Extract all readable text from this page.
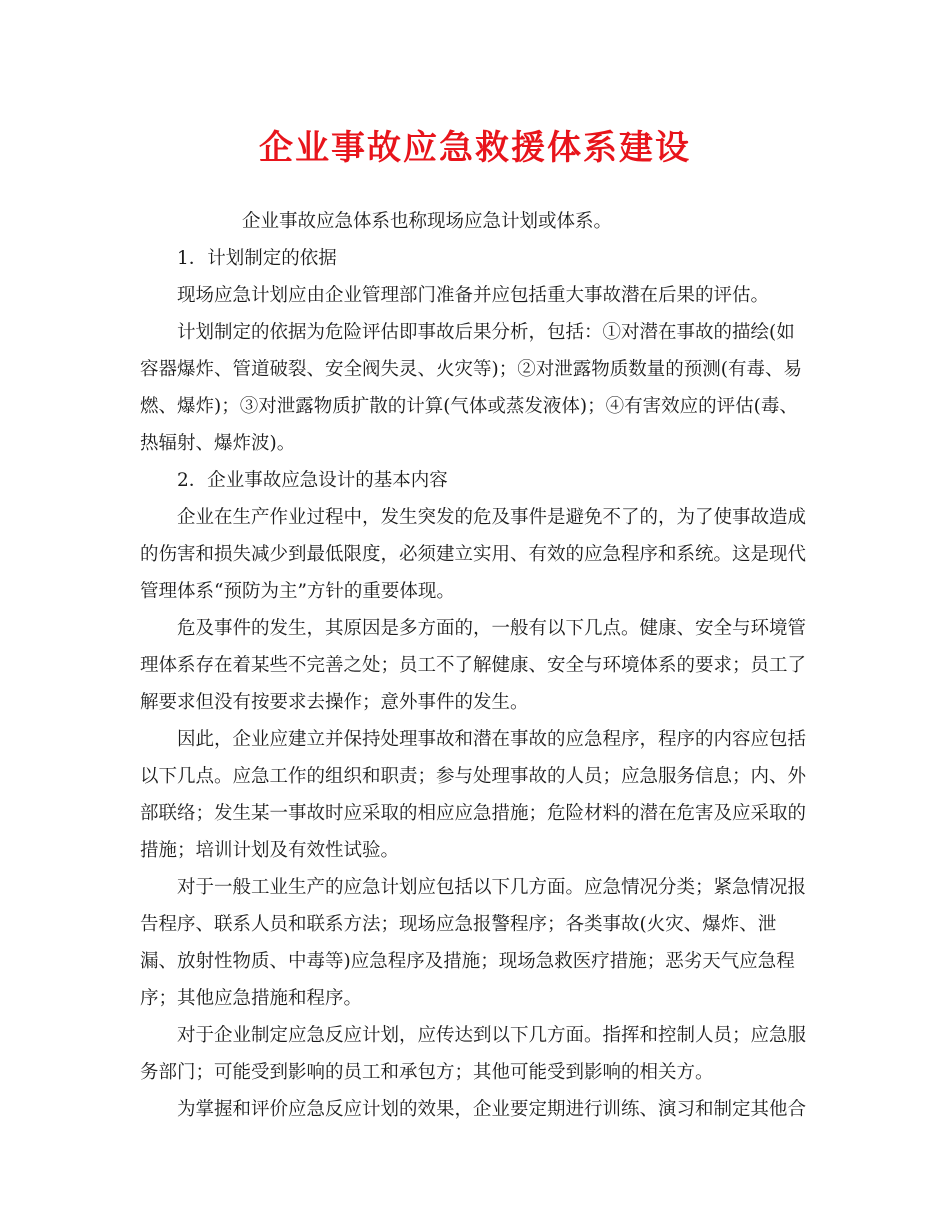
企业事故应急救援体系建设

企业事故应急体系也称现场应急计划或体系。

1．计划制定的依据

现场应急计划应由企业管理部门准备并应包括重大事故潜在后果的评估。

计划制定的依据为危险评估即事故后果分析，包括：①对潜在事故的描绘(如容器爆炸、管道破裂、安全阀失灵、火灾等)；②对泄露物质数量的预测(有毒、易燃、爆炸)；③对泄露物质扩散的计算(气体或蒸发液体)；④有害效应的评估(毒、热辐射、爆炸波)。

2．企业事故应急设计的基本内容

企业在生产作业过程中，发生突发的危及事件是避免不了的，为了使事故造成的伤害和损失减少到最低限度，必须建立实用、有效的应急程序和系统。这是现代管理体系“预防为主”方针的重要体现。

危及事件的发生，其原因是多方面的，一般有以下几点。健康、安全与环境管理体系存在着某些不完善之处；员工不了解健康、安全与环境体系的要求；员工了解要求但没有按要求去操作；意外事件的发生。

因此，企业应建立并保持处理事故和潜在事故的应急程序，程序的内容应包括以下几点。应急工作的组织和职责；参与处理事故的人员；应急服务信息；内、外部联络；发生某一事故时应采取的相应应急措施；危险材料的潜在危害及应采取的措施；培训计划及有效性试验。

对于一般工业生产的应急计划应包括以下几方面。应急情况分类；紧急情况报告程序、联系人员和联系方法；现场应急报警程序；各类事故(火灾、爆炸、泄漏、放射性物质、中毒等)应急程序及措施；现场急救医疗措施；恶劣天气应急程序；其他应急措施和程序。

对于企业制定应急反应计划，应传达到以下几方面。指挥和控制人员；应急服务部门；可能受到影响的员工和承包方；其他可能受到影响的相关方。

为掌握和评价应急反应计划的效果，企业要定期进行训练、演习和制定其他合
